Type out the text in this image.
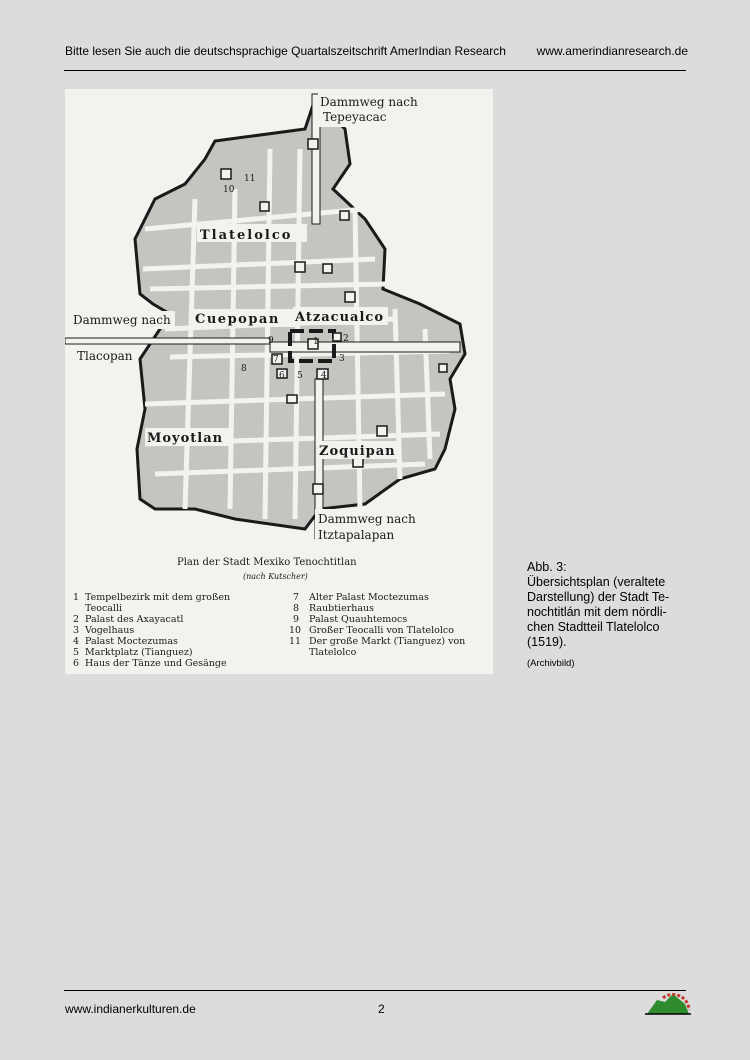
Bitte lesen Sie auch die deutschsprachige Quartalszeitschrift AmerIndian Research	www.amerindianresearch.de
11
10
1	2
3
4
5
6
7
8
9
Tlatelolco
Cuepopan Atzacualco
Moyotlan
Zoquipan
Dammweg nach
Tepeyacac
Dammweg nach
Tlacopan
Dammweg nach
Itztapalapan
Plan der Stadt Mexiko Tenochtitlan
(nach Kutscher)
1 Tempelbezirk mit dem großen
Teocalli
2 Palast des Axayacatl
3 Vogelhaus
4 Palast Moctezumas
5 Marktplatz (Tianguez)
6 Haus der Tänze und Gesänge
7 Alter Palast Moctezumas
8 Raubtierhaus
9 Palast Quauhtemocs
10 Großer Teocalli von Tlatelolco
11 Der große Markt (Tianguez) von
Tlatelolco
Abb. 3:
Übersichtsplan (veraltete
Darstellung) der Stadt Te-
nochtitlán mit dem nördli-
chen Stadtteil Tlatelolco
(1519).
(Archivbild)
www.indianerkulturen.de	2
